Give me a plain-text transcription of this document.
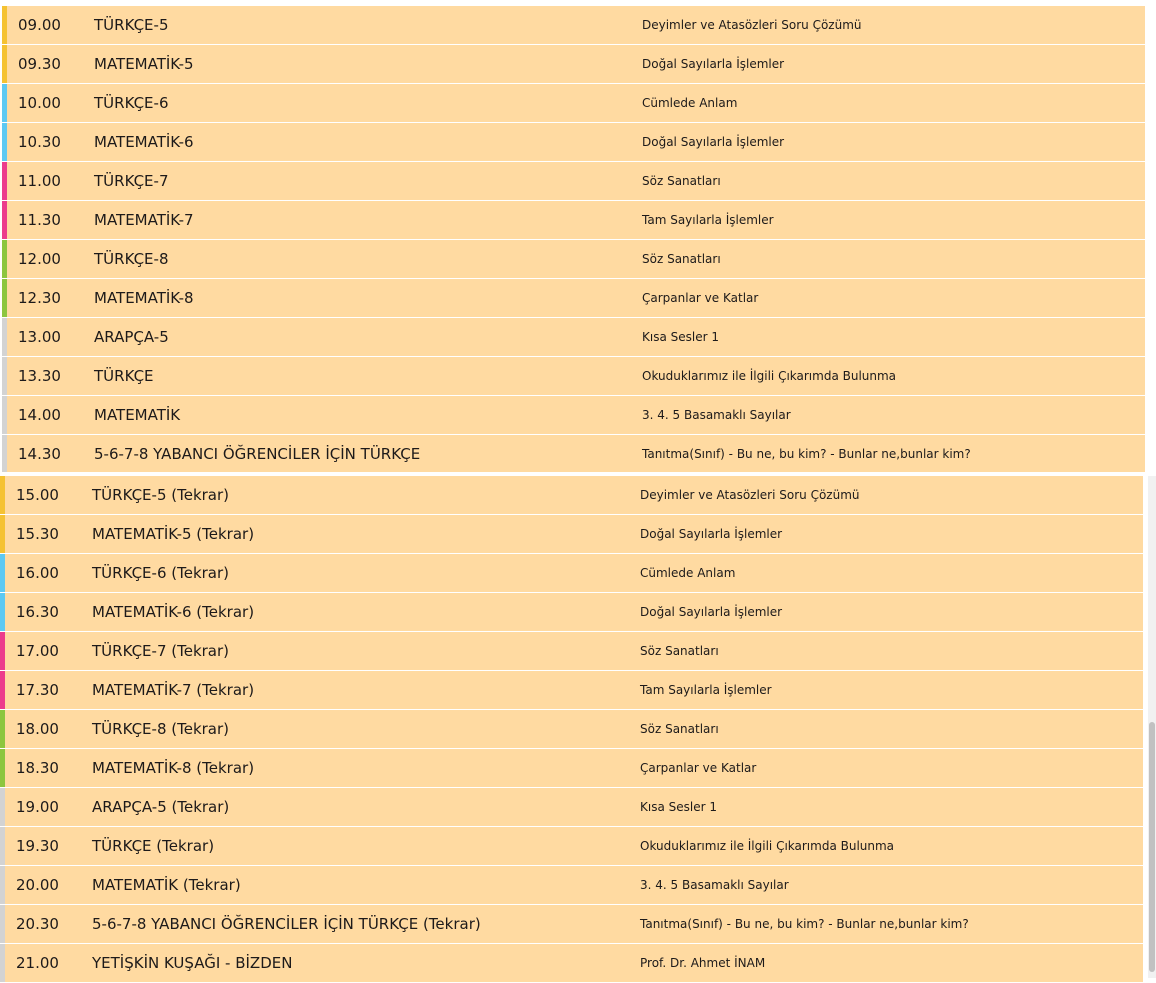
09.00 TÜRKÇE-5	Deyimler ve Atasözleri Soru Çözümü
09.30 MATEMATİK-5	Doğal Sayılarla İşlemler
10.00 TÜRKÇE-6	Cümlede Anlam
10.30 MATEMATİK-6	Doğal Sayılarla İşlemler
11.00 TÜRKÇE-7	Söz Sanatları
11.30 MATEMATİK-7	Tam Sayılarla İşlemler
12.00 TÜRKÇE-8	Söz Sanatları
12.30 MATEMATİK-8	Çarpanlar ve Katlar
13.00 ARAPÇA-5	Kısa Sesler 1
13.30 TÜRKÇE	Okuduklarımız ile İlgili Çıkarımda Bulunma
14.00 MATEMATİK	3. 4. 5 Basamaklı Sayılar
14.30 5-6-7-8 YABANCI ÖĞRENCİLER İÇİN TÜRKÇE	Tanıtma(Sınıf) - Bu ne, bu kim? - Bunlar ne,bunlar kim?
15.00 TÜRKÇE-5 (Tekrar)	Deyimler ve Atasözleri Soru Çözümü
15.30 MATEMATİK-5 (Tekrar)	Doğal Sayılarla İşlemler
16.00 TÜRKÇE-6 (Tekrar)	Cümlede Anlam
16.30 MATEMATİK-6 (Tekrar)	Doğal Sayılarla İşlemler
17.00 TÜRKÇE-7 (Tekrar)	Söz Sanatları
17.30 MATEMATİK-7 (Tekrar)	Tam Sayılarla İşlemler
18.00 TÜRKÇE-8 (Tekrar)	Söz Sanatları
18.30 MATEMATİK-8 (Tekrar)	Çarpanlar ve Katlar
19.00 ARAPÇA-5 (Tekrar)	Kısa Sesler 1
19.30 TÜRKÇE (Tekrar)	Okuduklarımız ile İlgili Çıkarımda Bulunma
20.00 MATEMATİK (Tekrar)	3. 4. 5 Basamaklı Sayılar
20.30 5-6-7-8 YABANCI ÖĞRENCİLER İÇİN TÜRKÇE (Tekrar)	Tanıtma(Sınıf) - Bu ne, bu kim? - Bunlar ne,bunlar kim?
21.00 YETİŞKİN KUŞAĞI - BİZDEN	Prof. Dr. Ahmet İNAM
